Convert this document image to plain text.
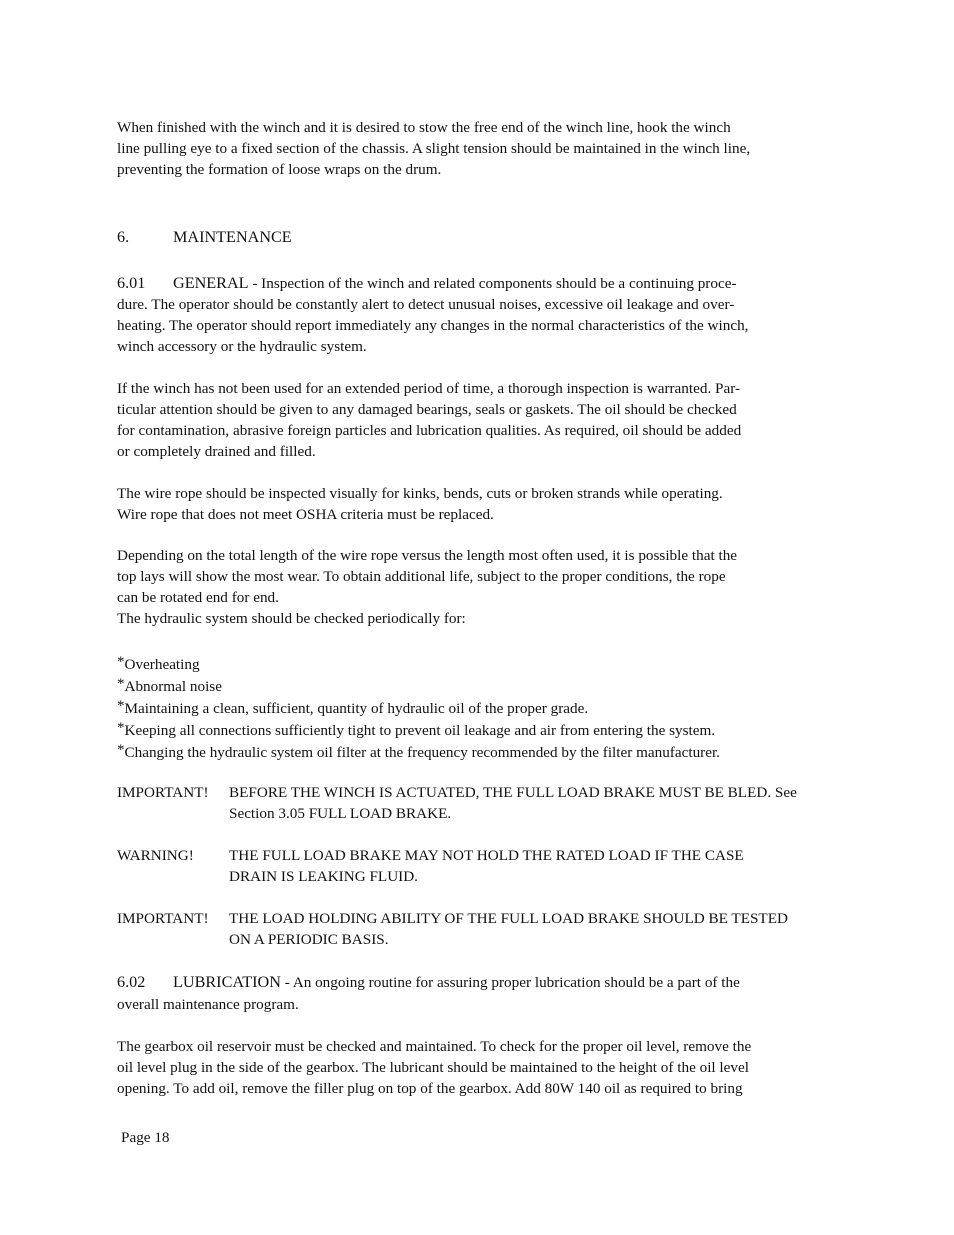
When finished with the winch and it is desired to stow the free end of the winch line, hook the winch
line pulling eye to a fixed section of the chassis. A slight tension should be maintained in the winch line,
preventing the formation of loose wraps on the drum.
6.	MAINTENANCE
6.01 GENERAL - Inspection of the winch and related components should be a continuing proce-
dure. The operator should be constantly alert to detect unusual noises, excessive oil leakage and over-
heating. The operator should report immediately any changes in the normal characteristics of the winch,
winch accessory or the hydraulic system.
If the winch has not been used for an extended period of time, a thorough inspection is warranted. Par-
ticular attention should be given to any damaged bearings, seals or gaskets. The oil should be checked
for contamination, abrasive foreign particles and lubrication qualities. As required, oil should be added
or completely drained and filled.
The wire rope should be inspected visually for kinks, bends, cuts or broken strands while operating.
Wire rope that does not meet OSHA criteria must be replaced.
Depending on the total length of the wire rope versus the length most often used, it is possible that the
top lays will show the most wear. To obtain additional life, subject to the proper conditions, the rope
can be rotated end for end.
The hydraulic system should be checked periodically for:
*Overheating
*Abnormal noise
*Maintaining a clean, sufficient, quantity of hydraulic oil of the proper grade.
*Keeping all connections sufficiently tight to prevent oil leakage and air from entering the system.
*Changing the hydraulic system oil filter at the frequency recommended by the filter manufacturer.
IMPORTANT! BEFORE THE WINCH IS ACTUATED, THE FULL LOAD BRAKE MUST BE BLED. See
Section 3.05 FULL LOAD BRAKE.
WARNING! THE FULL LOAD BRAKE MAY NOT HOLD THE RATED LOAD IF THE CASE
DRAIN IS LEAKING FLUID.
IMPORTANT! THE LOAD HOLDING ABILITY OF THE FULL LOAD BRAKE SHOULD BE TESTED
ON A PERIODIC BASIS.
6.02 LUBRICATION - An ongoing routine for assuring proper lubrication should be a part of the
overall maintenance program.
The gearbox oil reservoir must be checked and maintained. To check for the proper oil level, remove the
oil level plug in the side of the gearbox. The lubricant should be maintained to the height of the oil level
opening. To add oil, remove the filler plug on top of the gearbox. Add 80W 140 oil as required to bring
Page 18
